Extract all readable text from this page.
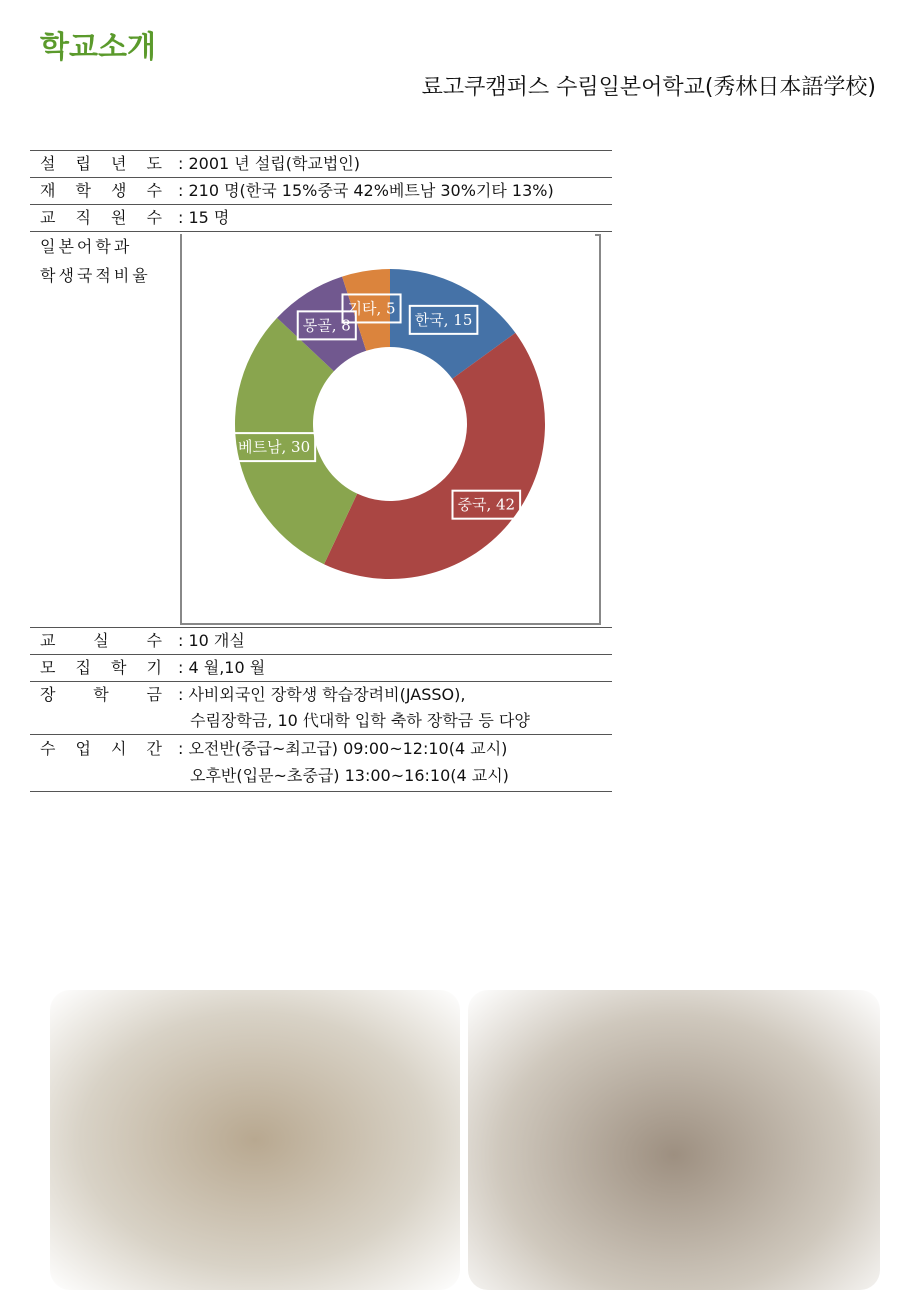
학교소개
료고쿠캠퍼스 수림일본어학교(秀林日本語学校)
설 립 년 도	: 2001 년 설립(학교법인)
재 학 생 수	: 210 명(한국 15%중국 42%베트남 30%기타 13%)
교 직 원 수	: 15 명
일본어학과
학생국적비율
한국, 15
중국, 42
베트남, 30
몽골, 8
기타, 5
교 실 수	: 10 개실
모 집 학 기	: 4 월,10 월
장 학 금 : 사비외국인 장학생 학습장려비(JASSO),
수림장학금, 10 代대학 입학 축하 장학금 등 다양
수 업 시 간 : 오전반(중급~최고급) 09:00~12:10(4 교시)
오후반(입문~초중급) 13:00~16:10(4 교시)
